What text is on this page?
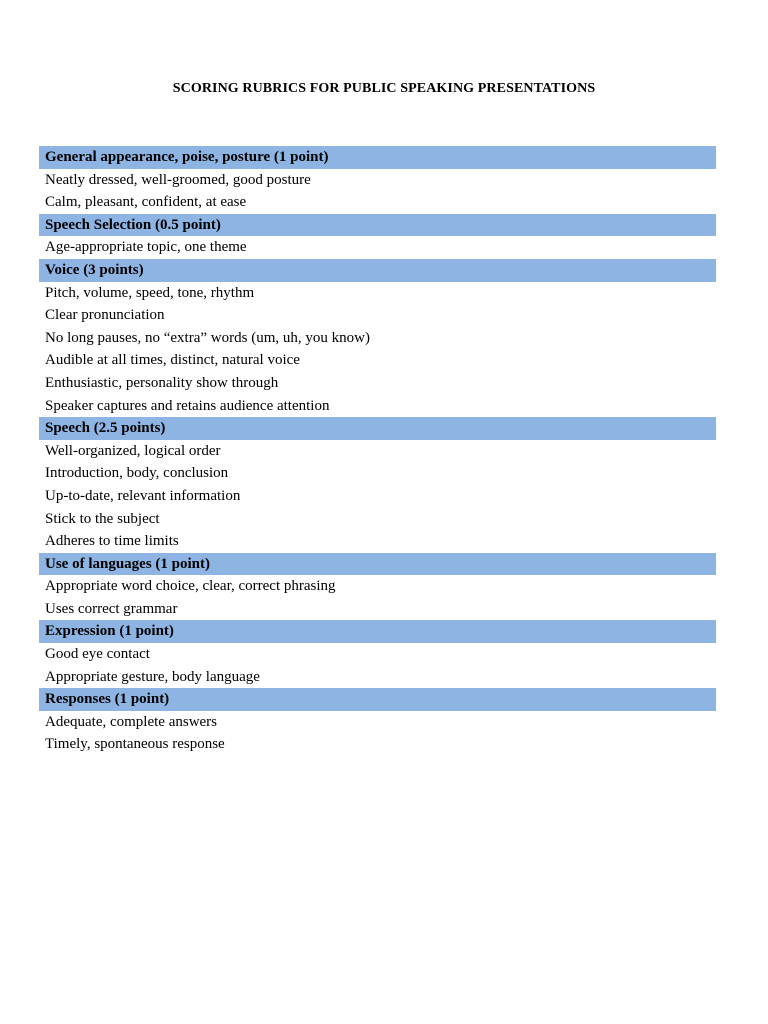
SCORING RUBRICS FOR PUBLIC SPEAKING PRESENTATIONS
General appearance, poise, posture (1 point)
Neatly dressed, well-groomed, good posture
Calm, pleasant, confident, at ease
Speech Selection (0.5 point)
Age-appropriate topic, one theme
Voice (3 points)
Pitch, volume, speed, tone, rhythm
Clear pronunciation
No long pauses, no “extra” words (um, uh, you know)
Audible at all times, distinct, natural voice
Enthusiastic, personality show through
Speaker captures and retains audience attention
Speech (2.5 points)
Well-organized, logical order
Introduction, body, conclusion
Up-to-date, relevant information
Stick to the subject
Adheres to time limits
Use of languages (1 point)
Appropriate word choice, clear, correct phrasing
Uses correct grammar
Expression (1 point)
Good eye contact
Appropriate gesture, body language
Responses (1 point)
Adequate, complete answers
Timely, spontaneous response
